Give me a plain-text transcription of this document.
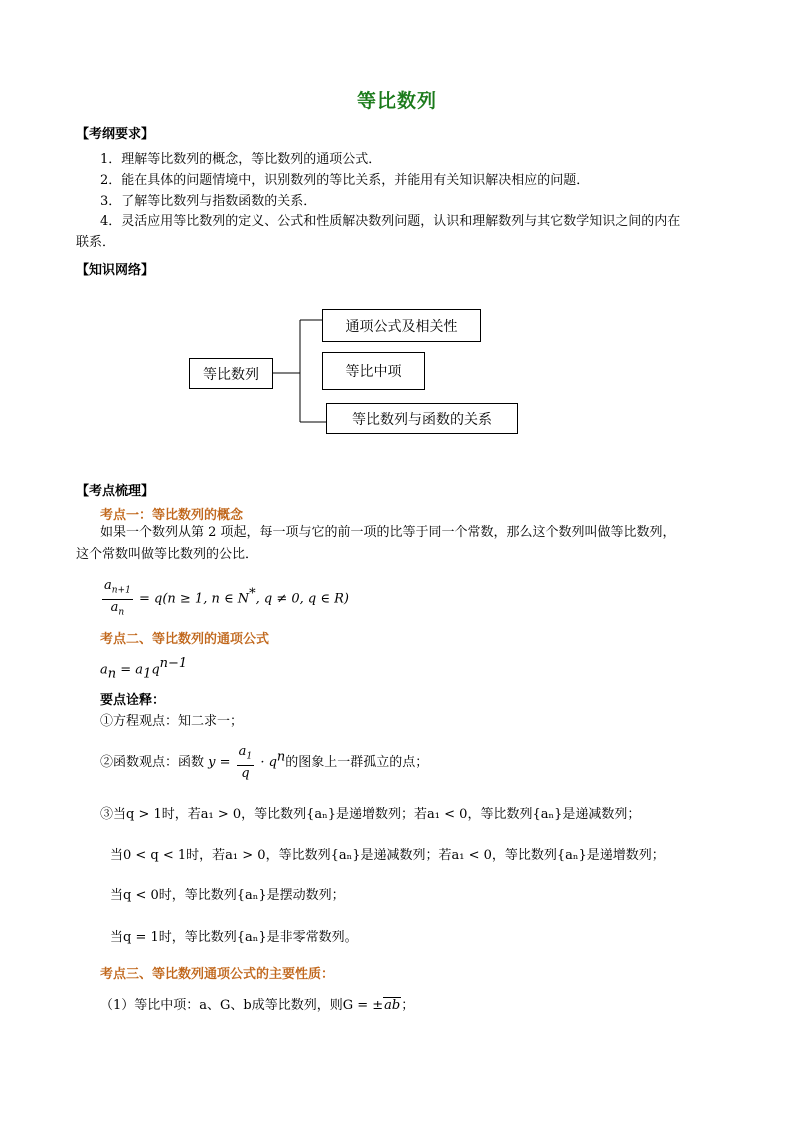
等比数列
【考纲要求】
1．理解等比数列的概念，等比数列的通项公式．
2．能在具体的问题情境中，识别数列的等比关系，并能用有关知识解决相应的问题．
3．了解等比数列与指数函数的关系．
4．灵活应用等比数列的定义、公式和性质解决数列问题，认识和理解数列与其它数学知识之间的内在
联系．
【知识网络】
等比数列
通项公式及相关性
等比中项
等比数列与函数的关系
【考点梳理】
考点一：等比数列的概念
如果一个数列从第 2 项起，每一项与它的前一项的比等于同一个常数，那么这个数列叫做等比数列，
这个常数叫做等比数列的公比．
$\frac{a_{n+1}}{a_n} = q(n \ge 1$, n ∈ N*, q ≠ 0, q ∈ R)
考点二、等比数列的通项公式
$a_n = a_1q^{n-1}$
要点诠释：
①方程观点：知二求一；
②函数观点：函数 $y = \frac{a_1}{q} \cdot q^n$的图象上一群孤立的点；
③当q > 1时，若a₁ > 0，等比数列{aₙ}是递增数列；若a₁ < 0，等比数列{aₙ}是递减数列；
当0 < q < 1时，若a₁ > 0，等比数列{aₙ}是递减数列；若a₁ < 0，等比数列{aₙ}是递增数列；
当q < 0时，等比数列{aₙ}是摆动数列；
当q = 1时，等比数列{aₙ}是非零常数列。
考点三、等比数列通项公式的主要性质：
（1）等比中项：a、G、b成等比数列，则G = ±ab；
